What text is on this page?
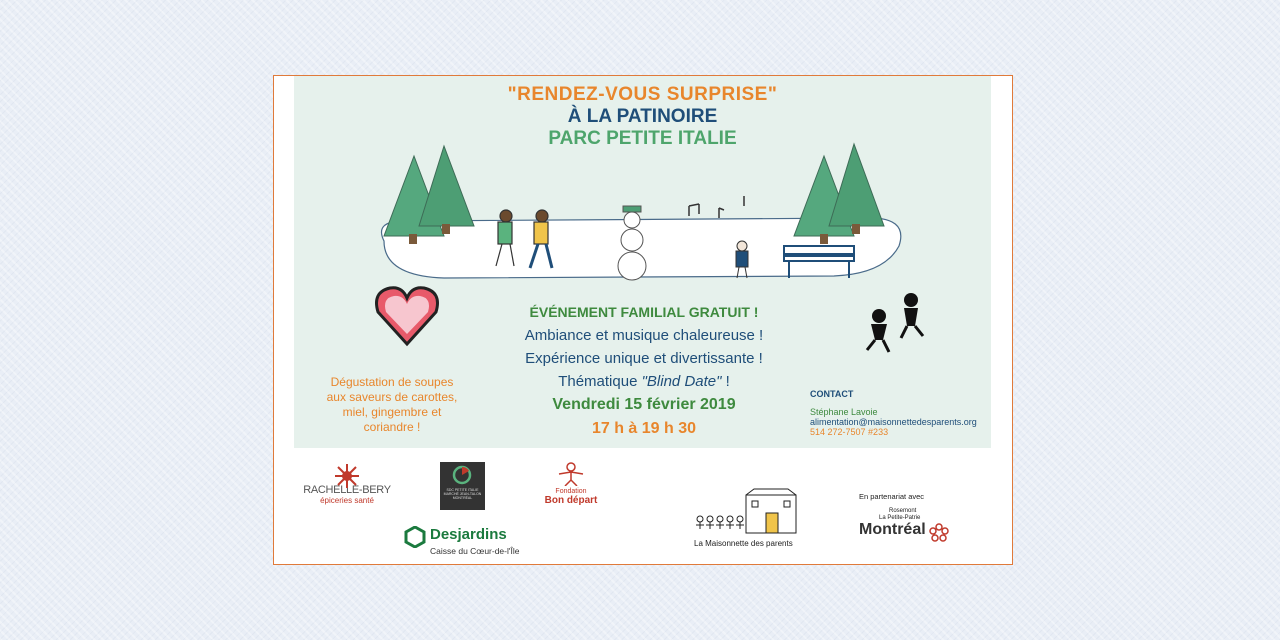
"RENDEZ-VOUS SURPRISE"
À LA PATINOIRE
PARC PETITE ITALIE
ÉVÉNEMENT FAMILIAL GRATUIT !
Ambiance et musique chaleureuse !
Expérience unique et divertissante !
Thématique "Blind Date" !
Vendredi 15 février 2019
17 h à 19 h 30
Dégustation de soupes
aux saveurs de carottes,
miel, gingembre et
coriandre !
CONTACT
Stéphane Lavoie
alimentation@maisonnettedesparents.org
514 272-7507 #233
RACHELLE-BERY
épiceries santé
SDC PETITE ITALIE MARCHÉ JEAN-TALON MONTRÉAL
Fondation
Bon départ
Desjardins
Caisse du Cœur-de-l'Île
La Maisonnette des parents
En partenariat avec
Rosemont
La Petite-Patrie
Montréal
